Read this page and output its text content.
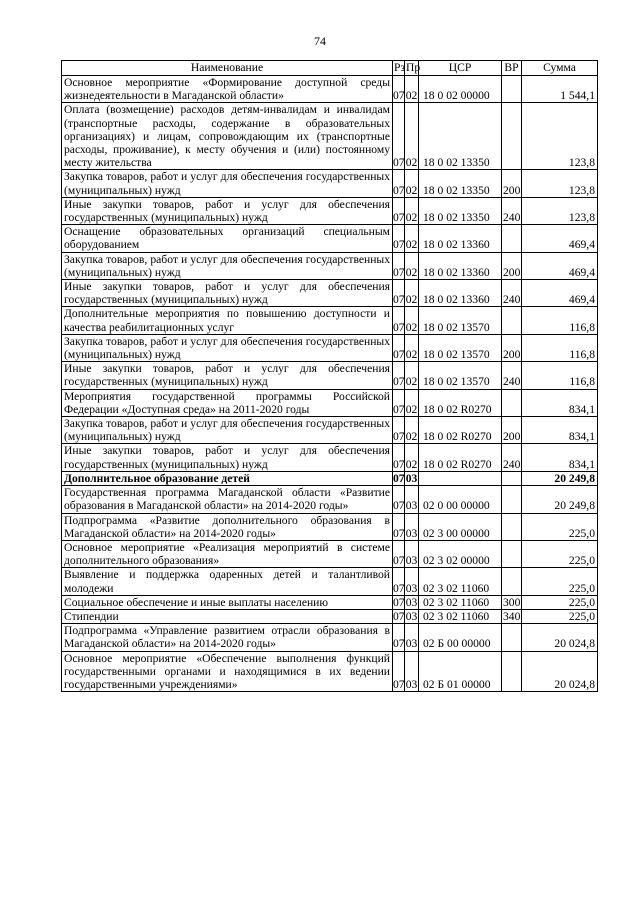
74
Наименование	Рз	Пр	ЦСР	ВР	Сумма
Основное мероприятие «Формирование доступной среды жизнедеятельности в Магаданской области»	07	02	18 0 02 00000		1 544,1
Оплата (возмещение) расходов детям-инвалидам и инвалидам (транспортные расходы, содержание в образовательных организациях) и лицам, сопровождающим их (транспортные расходы, проживание), к месту обучения и (или) постоянному месту жительства	07	02	18 0 02 13350		123,8
Закупка товаров, работ и услуг для обеспечения государственных (муниципальных) нужд	07	02	18 0 02 13350	200	123,8
Иные закупки товаров, работ и услуг для обеспечения государственных (муниципальных) нужд	07	02	18 0 02 13350	240	123,8
Оснащение образовательных организаций специальным оборудованием	07	02	18 0 02 13360		469,4
Закупка товаров, работ и услуг для обеспечения государственных (муниципальных) нужд	07	02	18 0 02 13360	200	469,4
Иные закупки товаров, работ и услуг для обеспечения государственных (муниципальных) нужд	07	02	18 0 02 13360	240	469,4
Дополнительные мероприятия по повышению доступности и качества реабилитационных услуг	07	02	18 0 02 13570		116,8
Закупка товаров, работ и услуг для обеспечения государственных (муниципальных) нужд	07	02	18 0 02 13570	200	116,8
Иные закупки товаров, работ и услуг для обеспечения государственных (муниципальных) нужд	07	02	18 0 02 13570	240	116,8
Мероприятия государственной программы Российской Федерации «Доступная среда» на 2011-2020 годы	07	02	18 0 02 R0270		834,1
Закупка товаров, работ и услуг для обеспечения государственных (муниципальных) нужд	07	02	18 0 02 R0270	200	834,1
Иные закупки товаров, работ и услуг для обеспечения государственных (муниципальных) нужд	07	02	18 0 02 R0270	240	834,1
Дополнительное образование детей	07	03			20 249,8
Государственная программа Магаданской области «Развитие образования в Магаданской области» на 2014-2020 годы»	07	03	02 0 00 00000		20 249,8
Подпрограмма «Развитие дополнительного образования в Магаданской области» на 2014-2020 годы»	07	03	02 3 00 00000		225,0
Основное мероприятие «Реализация мероприятий в системе дополнительного образования»	07	03	02 3 02 00000		225,0
Выявление и поддержка одаренных детей и талантливой молодежи	07	03	02 3 02 11060		225,0
Социальное обеспечение и иные выплаты населению	07	03	02 3 02 11060	300	225,0
Стипендии	07	03	02 3 02 11060	340	225,0
Подпрограмма «Управление развитием отрасли образования в Магаданской области» на 2014-2020 годы»	07	03	02 Б 00 00000		20 024,8
Основное мероприятие «Обеспечение выполнения функций государственными органами и находящимися в их ведении государственными учреждениями»	07	03	02 Б 01 00000		20 024,8
